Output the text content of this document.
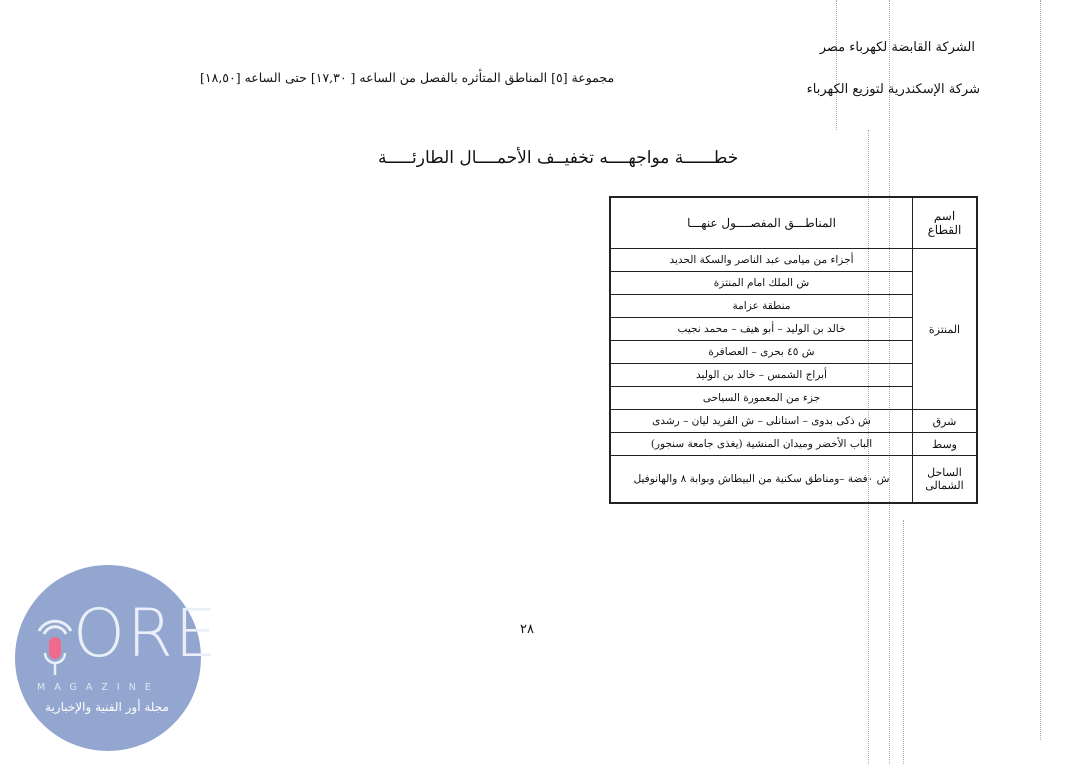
الشركة القابضة لكهرباء مصر
شركة الإسكندرية لتوزيع الكهرباء
مجموعة [٥] المناطق المتأثره بالفصل من الساعه [ ١٧,٣٠] حتى الساعه [١٨,٥٠]
خطــــــة مواجهــــه تخفيــف الأحمــــال الطارئـــــة
اسم القطاع	المناطـــق المفصــــول عنهـــا
المنتزة	أجزاء من ميامى عبد الناصر والسكة الحديد
	ش الملك امام المنتزة
	منطقة عزامة
	خالد بن الوليد – أبو هيف – محمد نجيب
	ش ٤٥ بحرى – العصافرة
	أبراج الشمس – خالد بن الوليد
	جزء من المعمورة السياحى
شرق	ش ذكى بدوى – استانلى – ش الفريد ليان – رشدى
وسط	الباب الأخضر وميدان المنشية (يغذى جامعة سنجور)
الساحل الشمالى	ش ٠فضة –ومناطق سكنية من البيطاش وبوابة ٨ والهانوفيل
٢٨
ORE
MAGAZINE
مجلة أور الفنية والإخبارية
